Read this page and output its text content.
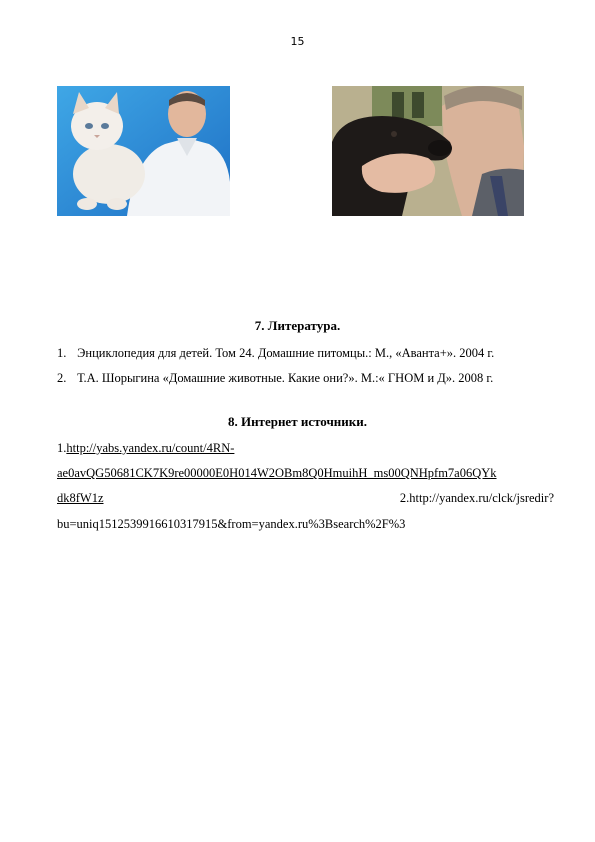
15
7. Литература.
1. Энциклопедия для детей. Том 24. Домашние питомцы.: М., «Аванта+». 2004 г.
2. Т.А. Шорыгина «Домашние животные. Какие они?». М.:« ГНОМ и Д». 2008 г.
8. Интернет источники.
1.http://yabs.yandex.ru/count/4RN-
ae0avQG50681CK7K9re00000E0H014W2OBm8Q0HmuihH_ms00QNHpfm7a06QYk
dk8fW1z	2.http://yandex.ru/clck/jsredir?
bu=uniq1512539916610317915&from=yandex.ru%3Bsearch%2F%3
